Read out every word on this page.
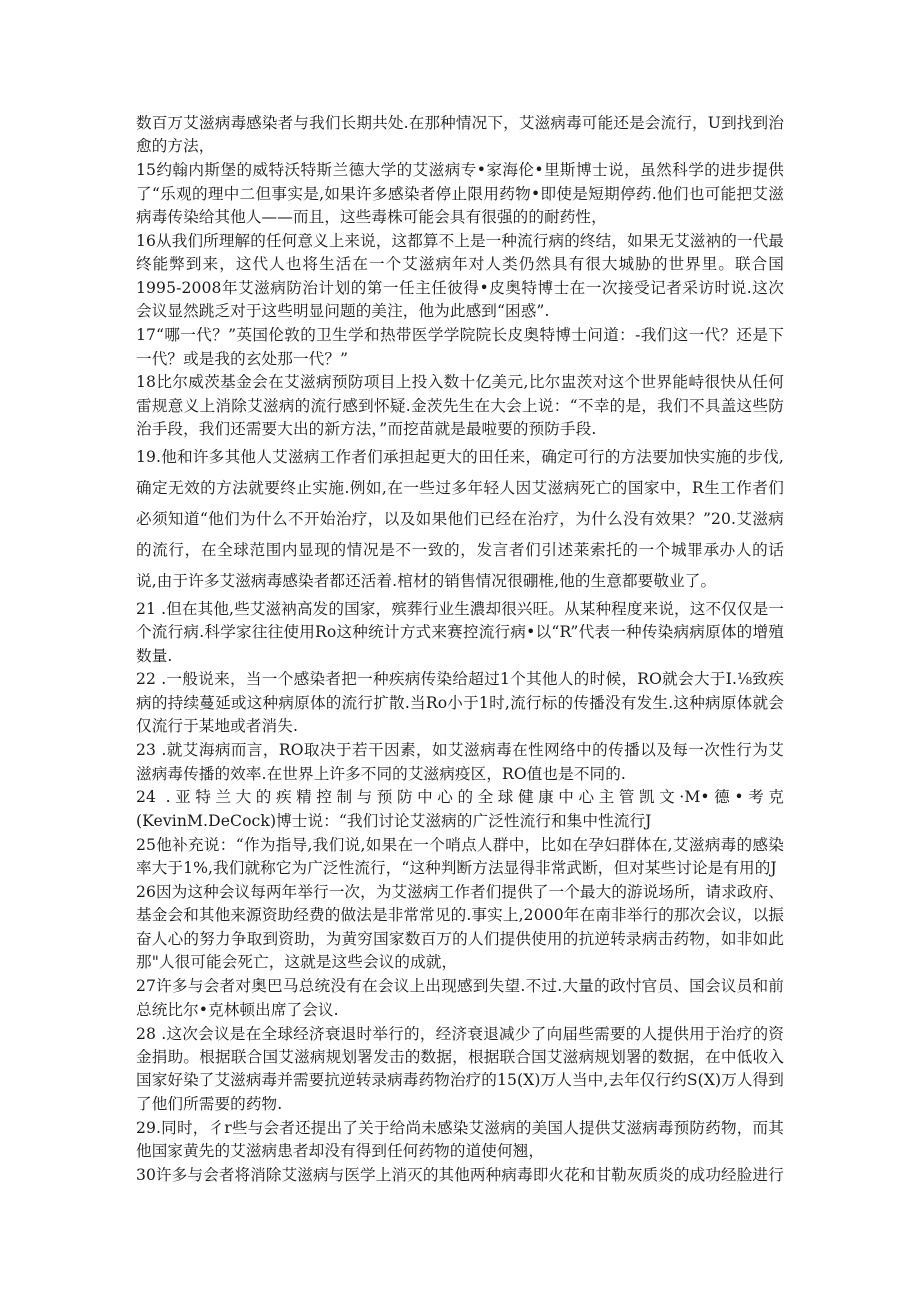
数百万艾滋病毒感染者与我们长期共处.在那种情况下，艾滋病毒可能还是会流行，U到找到治愈的方法，

15约翰内斯堡的威特沃特斯兰德大学的艾滋病专•家海伦•里斯博士说，虽然科学的进步提供了“乐观的理中二但事实是,如果许多感染者停止限用药物•即使是短期停药.他们也可能把艾滋病毒传染给其他人——而且，这些毒株可能会具有很强的的耐药性，

16从我们所理解的任何意义上来说，这都算不上是一种流行病的终结，如果无艾滋衲的一代最终能弊到来，这代人也将生活在一个艾滋病年对人类仍然具有很大城胁的世界里。联合国1995-2008年艾滋病防治计划的第一任主任彼得•皮奥特博士在一次接受记者采访时说.这次会议显然跳乏对于这些明显问题的美注，他为此感到“困惑”.

17“哪一代？”英国伦敦的卫生学和热带医学学院院长皮奥特博士问道：-我们这一代？还是下一代？或是我的玄处那一代？”

18比尔威茨基金会在艾滋病预防项目上投入数十亿美元,比尔盅茨对这个世界能峙很快从任何雷规意义上消除艾滋病的流行感到怀疑.金茨先生在大会上说：“不幸的是，我们不具盖这些防治手段，我们还需要大出的新方法，”而挖苗就是最啦要的预防手段.

19.他和许多其他人艾滋病工作者们承担起更大的田任来，确定可行的方法要加快实施的步伐,确定无效的方法就要终止实施.例如,在一些过多年轻人因艾滋病死亡的国家中，R生工作者们必须知道“他们为什么不开始治疗，以及如果他们已经在治疗，为什么没有效果？”20.艾滋病的流行，在全球范围内显现的情况是不一致的，发言者们引述莱索托的一个城罪承办人的话说,由于许多艾滋病毒感染者都还活着.棺材的销售情况很硼椎,他的生意都要敬业了。

21 .但在其他,些艾滋衲高发的国家，殡葬行业生濃却很兴旺。从某种程度来说，这不仅仅是一个流行病.科学家往往使用Ro这种统计方式来赛控流行病•以“R”代表一种传染病病原体的增殖数量.

22 .一般说来，当一个感染者把一种疾病传染给超过1个其他人的时候，RO就会大于I.⅛致疾病的持续蔓延或这种病原体的流行扩散.当Ro小于1时,流行标的传播没有发生.这种病原体就会仅流行于某地或者消失.

23 .就艾海病而言，RO取决于若干因素，如艾滋病毒在性网络中的传播以及每一次性行为艾滋病毒传播的效率.在世界上许多不同的艾滋病疫区，RO值也是不同的.

24 .亚特兰大的疾精控制与预防中心的全球健康中心主管凯文·M•德•考克(KevinM.DeCock)博士说：“我们讨论艾滋病的广泛性流行和集中性流行J

25他补充说：“作为指导,我们说,如果在一个哨点人群中，比如在孕妇群体在,艾滋病毒的感染率大于1%,我们就称它为广泛性流行，“这种判断方法显得非常武断，但对某些讨论是有用的J

26因为这种会议每两年举行一次，为艾滋病工作者们提供了一个最大的游说场所，请求政府、基金会和其他来源资助经费的做法是非常常见的.事实上,2000年在南非举行的那次会议，以振奋人心的努力争取到资助，为黄穷国家数百万的人们提供使用的抗逆转录病击药物，如非如此那"人很可能会死亡，这就是这些会议的成就，

27许多与会者对奥巴马总统没有在会议上出现感到失望.不过.大量的政忖官员、国会议员和前总统比尔•克林顿出席了会议.

28 .这次会议是在全球经济衰退时举行的，经济衰退减少了向届些需要的人提供用于治疗的资金捐助。根据联合国艾滋病规划署发击的数据，根据联合国艾滋病规划署的数据，在中低收入国家好染了艾滋病毒并需要抗逆转录病毒药物治疗的15(X)万人当中,去年仅行约S(X)万人得到了他们所需要的药物.

29.同时，彳r些与会者还提出了关于给尚未感染艾滋病的美国人提供艾滋病毒预防药物，而其他国家黄先的艾滋病患者却没有得到任何药物的道使何翘，

30许多与会者将消除艾滋病与医学上消灭的其他两种病毒即火花和甘勒灰质炎的成功经脸进行
